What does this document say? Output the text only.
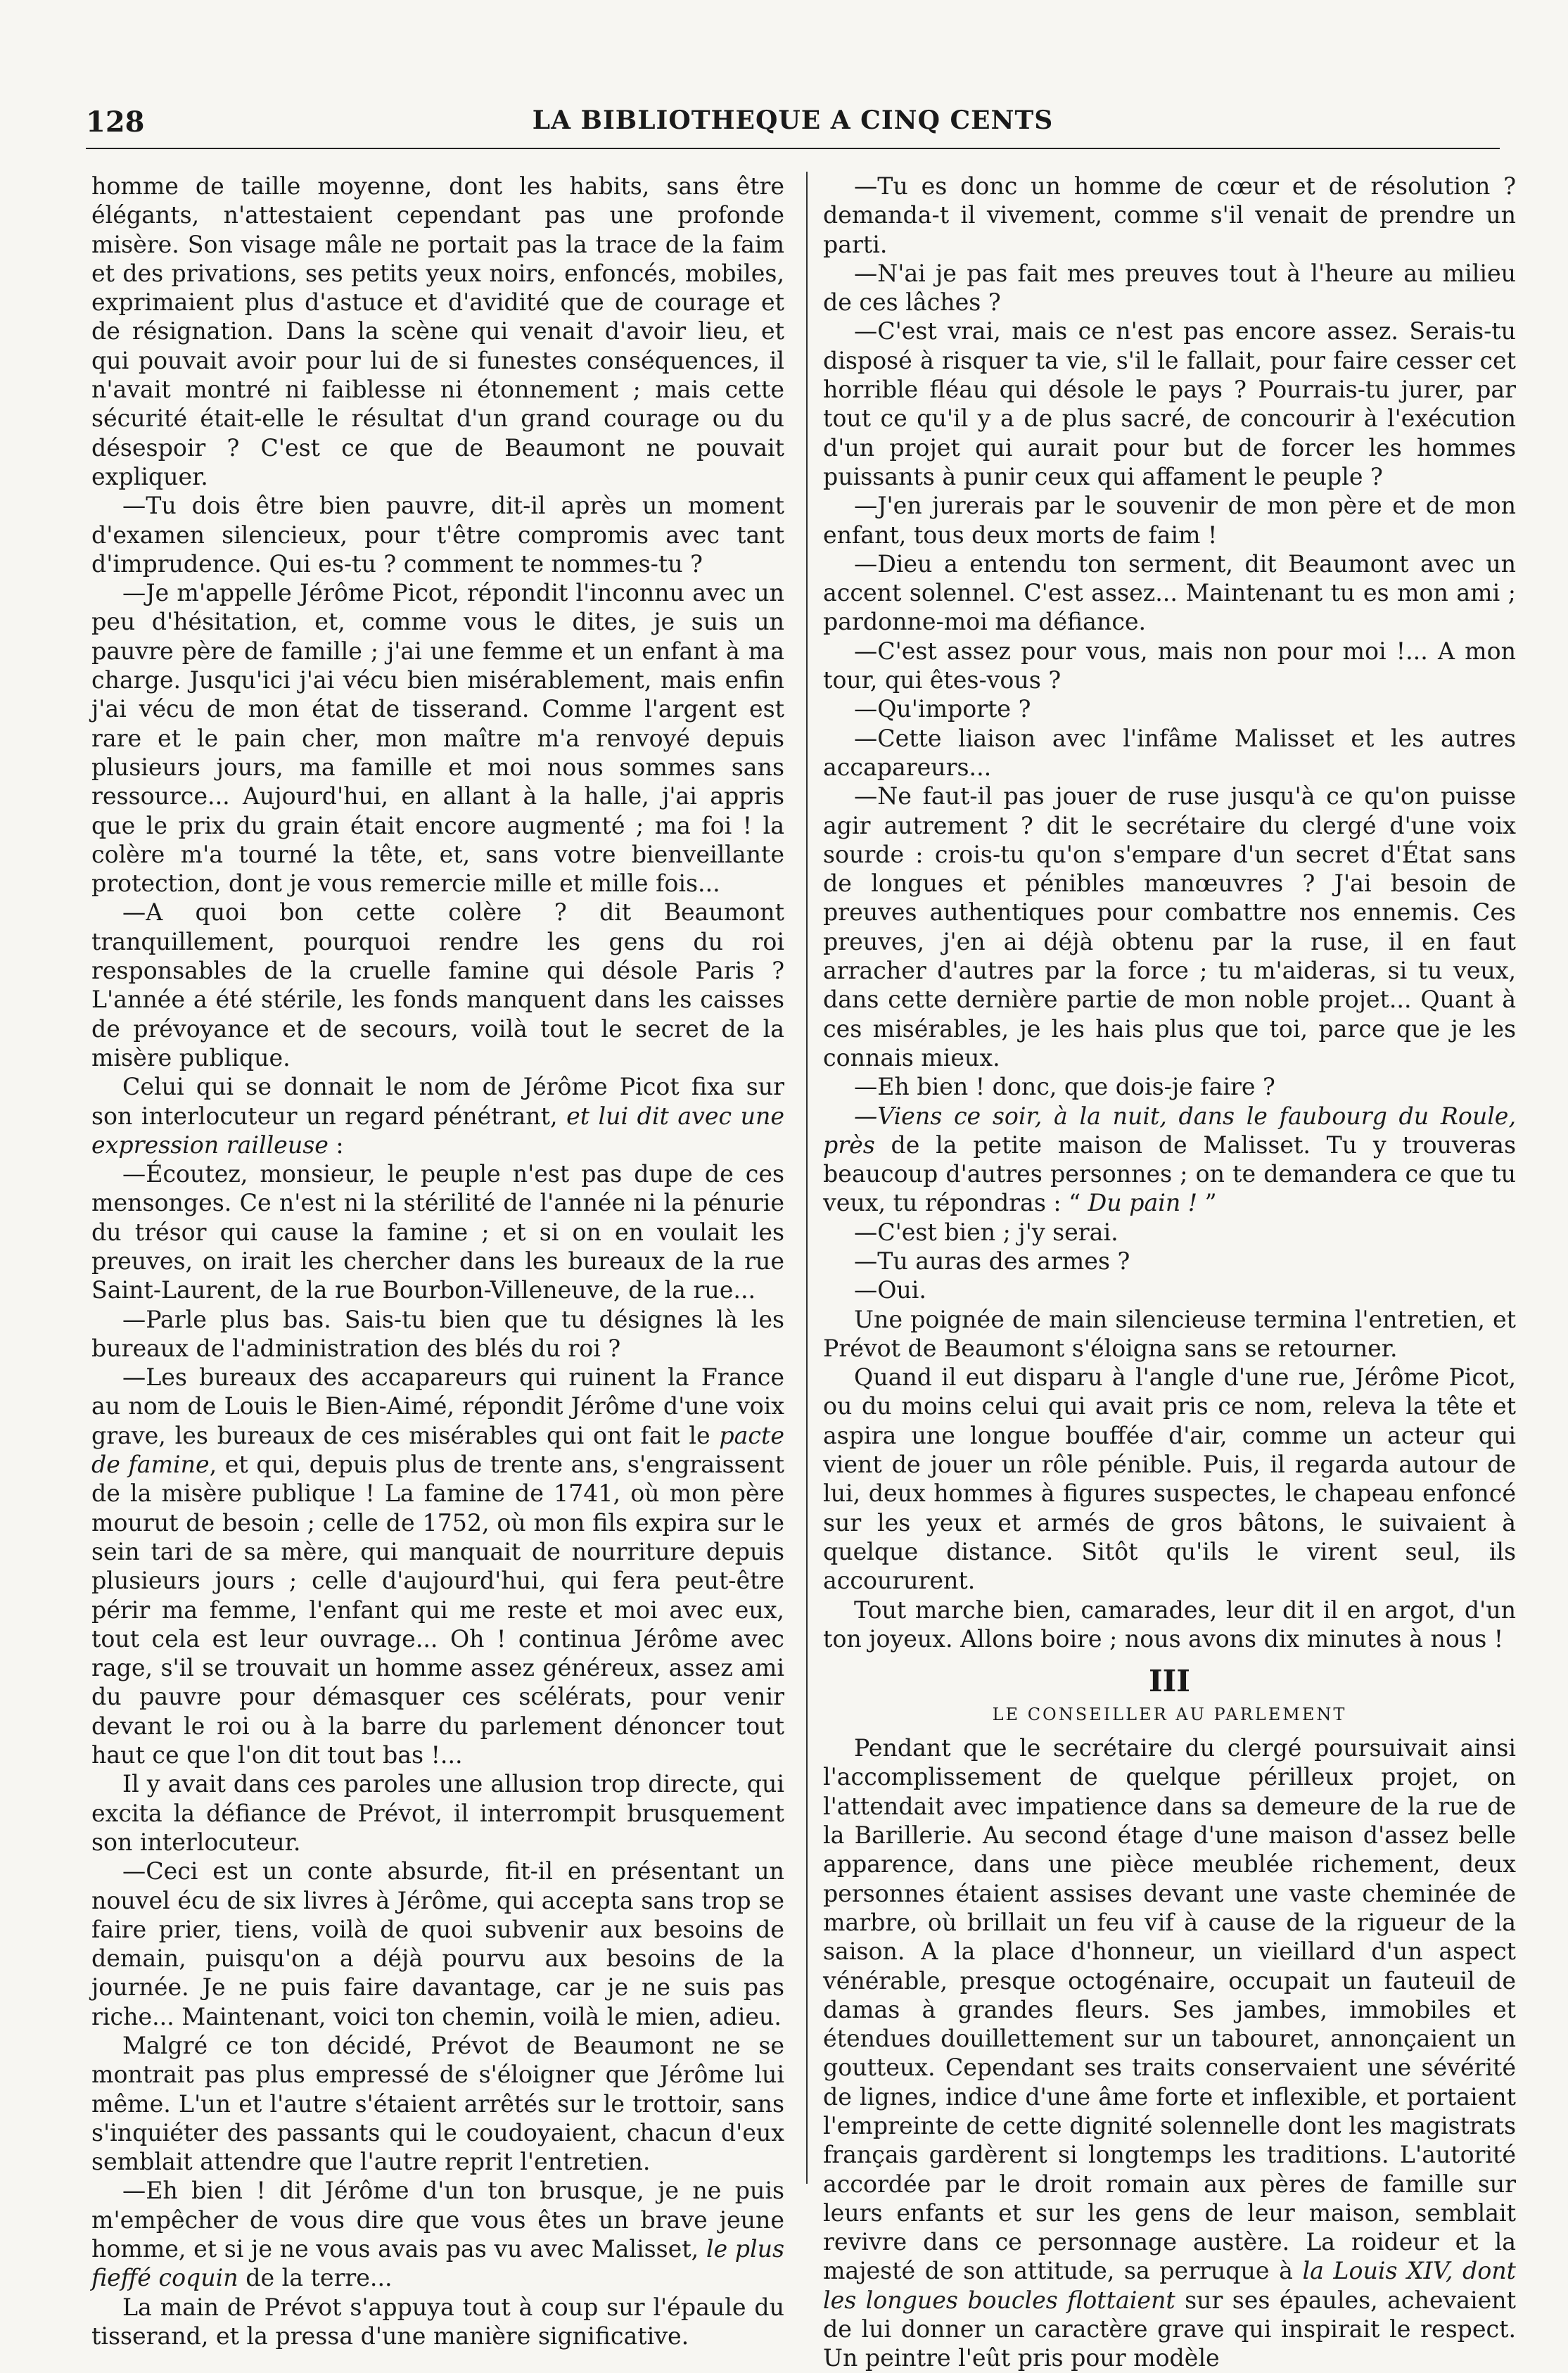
128	LA BIBLIOTHEQUE A CINQ CENTS

homme de taille moyenne, dont les habits, sans être élégants, n'attestaient cependant pas une profonde misère. Son visage mâle ne portait pas la trace de la faim et des privations, ses petits yeux noirs, enfoncés, mobiles, exprimaient plus d'astuce et d'avidité que de courage et de résignation. Dans la scène qui venait d'avoir lieu, et qui pouvait avoir pour lui de si funestes conséquences, il n'avait montré ni faiblesse ni étonnement ; mais cette sécurité était-elle le résultat d'un grand courage ou du désespoir ? C'est ce que de Beaumont ne pouvait expliquer.

—Tu dois être bien pauvre, dit-il après un moment d'examen silencieux, pour t'être compromis avec tant d'imprudence. Qui es-tu ? comment te nommes-tu ?

—Je m'appelle Jérôme Picot, répondit l'inconnu avec un peu d'hésitation, et, comme vous le dites, je suis un pauvre père de famille ; j'ai une femme et un enfant à ma charge. Jusqu'ici j'ai vécu bien misérablement, mais enfin j'ai vécu de mon état de tisserand. Comme l'argent est rare et le pain cher, mon maître m'a renvoyé depuis plusieurs jours, ma famille et moi nous sommes sans ressource... Aujourd'hui, en allant à la halle, j'ai appris que le prix du grain était encore augmenté ; ma foi ! la colère m'a tourné la tête, et, sans votre bienveillante protection, dont je vous remercie mille et mille fois...

—A quoi bon cette colère ? dit Beaumont tranquillement, pourquoi rendre les gens du roi responsables de la cruelle famine qui désole Paris ? L'année a été stérile, les fonds manquent dans les caisses de prévoyance et de secours, voilà tout le secret de la misère publique.

Celui qui se donnait le nom de Jérôme Picot fixa sur son interlocuteur un regard pénétrant, et lui dit avec une expression railleuse :

—Écoutez, monsieur, le peuple n'est pas dupe de ces mensonges. Ce n'est ni la stérilité de l'année ni la pénurie du trésor qui cause la famine ; et si on en voulait les preuves, on irait les chercher dans les bureaux de la rue Saint-Laurent, de la rue Bourbon-Villeneuve, de la rue...

—Parle plus bas. Sais-tu bien que tu désignes là les bureaux de l'administration des blés du roi ?

—Les bureaux des accapareurs qui ruinent la France au nom de Louis le Bien-Aimé, répondit Jérôme d'une voix grave, les bureaux de ces misérables qui ont fait le pacte de famine, et qui, depuis plus de trente ans, s'engraissent de la misère publique ! La famine de 1741, où mon père mourut de besoin ; celle de 1752, où mon fils expira sur le sein tari de sa mère, qui manquait de nourriture depuis plusieurs jours ; celle d'aujourd'hui, qui fera peut-être périr ma femme, l'enfant qui me reste et moi avec eux, tout cela est leur ouvrage... Oh ! continua Jérôme avec rage, s'il se trouvait un homme assez généreux, assez ami du pauvre pour démasquer ces scélérats, pour venir devant le roi ou à la barre du parlement dénoncer tout haut ce que l'on dit tout bas !...

Il y avait dans ces paroles une allusion trop directe, qui excita la défiance de Prévot, il interrompit brusquement son interlocuteur.

—Ceci est un conte absurde, fit-il en présentant un nouvel écu de six livres à Jérôme, qui accepta sans trop se faire prier, tiens, voilà de quoi subvenir aux besoins de demain, puisqu'on a déjà pourvu aux besoins de la journée. Je ne puis faire davantage, car je ne suis pas riche... Maintenant, voici ton chemin, voilà le mien, adieu.

Malgré ce ton décidé, Prévot de Beaumont ne se montrait pas plus empressé de s'éloigner que Jérôme lui même. L'un et l'autre s'étaient arrêtés sur le trottoir, sans s'inquiéter des passants qui le coudoyaient, chacun d'eux semblait attendre que l'autre reprit l'entretien.

—Eh bien ! dit Jérôme d'un ton brusque, je ne puis m'empêcher de vous dire que vous êtes un brave jeune homme, et si je ne vous avais pas vu avec Malisset, le plus fieffé coquin de la terre...

La main de Prévot s'appuya tout à coup sur l'épaule du tisserand, et la pressa d'une manière significative.

—Tu es donc un homme de cœur et de résolution ? demanda-t il vivement, comme s'il venait de prendre un parti.

—N'ai je pas fait mes preuves tout à l'heure au milieu de ces lâches ?

—C'est vrai, mais ce n'est pas encore assez. Serais-tu disposé à risquer ta vie, s'il le fallait, pour faire cesser cet horrible fléau qui désole le pays ? Pourrais-tu jurer, par tout ce qu'il y a de plus sacré, de concourir à l'exécution d'un projet qui aurait pour but de forcer les hommes puissants à punir ceux qui affament le peuple ?

—J'en jurerais par le souvenir de mon père et de mon enfant, tous deux morts de faim !

—Dieu a entendu ton serment, dit Beaumont avec un accent solennel. C'est assez... Maintenant tu es mon ami ; pardonne-moi ma défiance.

—C'est assez pour vous, mais non pour moi !... A mon tour, qui êtes-vous ?

—Qu'importe ?

—Cette liaison avec l'infâme Malisset et les autres accapareurs...

—Ne faut-il pas jouer de ruse jusqu'à ce qu'on puisse agir autrement ? dit le secrétaire du clergé d'une voix sourde : crois-tu qu'on s'empare d'un secret d'État sans de longues et pénibles manœuvres ? J'ai besoin de preuves authentiques pour combattre nos ennemis. Ces preuves, j'en ai déjà obtenu par la ruse, il en faut arracher d'autres par la force ; tu m'aideras, si tu veux, dans cette dernière partie de mon noble projet... Quant à ces misérables, je les hais plus que toi, parce que je les connais mieux.

—Eh bien ! donc, que dois-je faire ?

—Viens ce soir, à la nuit, dans le faubourg du Roule, près de la petite maison de Malisset. Tu y trouveras beaucoup d'autres personnes ; on te demandera ce que tu veux, tu répondras : “ Du pain ! ”

—C'est bien ; j'y serai.

—Tu auras des armes ?

—Oui.

Une poignée de main silencieuse termina l'entretien, et Prévot de Beaumont s'éloigna sans se retourner.

Quand il eut disparu à l'angle d'une rue, Jérôme Picot, ou du moins celui qui avait pris ce nom, releva la tête et aspira une longue bouffée d'air, comme un acteur qui vient de jouer un rôle pénible. Puis, il regarda autour de lui, deux hommes à figures suspectes, le chapeau enfoncé sur les yeux et armés de gros bâtons, le suivaient à quelque distance. Sitôt qu'ils le virent seul, ils accoururent.

Tout marche bien, camarades, leur dit il en argot, d'un ton joyeux. Allons boire ; nous avons dix minutes à nous !

III
LE CONSEILLER AU PARLEMENT

Pendant que le secrétaire du clergé poursuivait ainsi l'accomplissement de quelque périlleux projet, on l'attendait avec impatience dans sa demeure de la rue de la Barillerie. Au second étage d'une maison d'assez belle apparence, dans une pièce meublée richement, deux personnes étaient assises devant une vaste cheminée de marbre, où brillait un feu vif à cause de la rigueur de la saison. A la place d'honneur, un vieillard d'un aspect vénérable, presque octogénaire, occupait un fauteuil de damas à grandes fleurs. Ses jambes, immobiles et étendues douillettement sur un tabouret, annonçaient un goutteux. Cependant ses traits conservaient une sévérité de lignes, indice d'une âme forte et inflexible, et portaient l'empreinte de cette dignité solennelle dont les magistrats français gardèrent si longtemps les traditions. L'autorité accordée par le droit romain aux pères de famille sur leurs enfants et sur les gens de leur maison, semblait revivre dans ce personnage austère. La roideur et la majesté de son attitude, sa perruque à la Louis XIV, dont les longues boucles flottaient sur ses épaules, achevaient de lui donner un caractère grave qui inspirait le respect. Un peintre l'eût pris pour modèle
